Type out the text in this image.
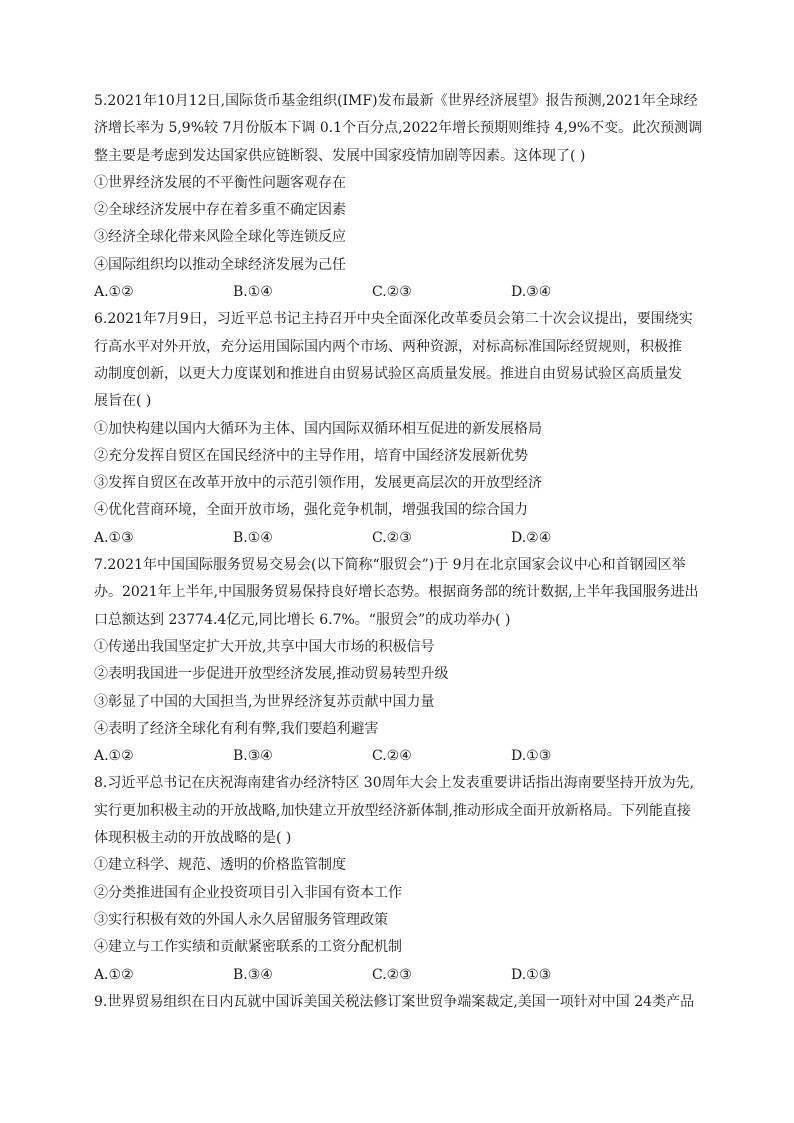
5.2021年10月12日,国际货币基金组织(IMF)发布最新《世界经济展望》报告预测,2021年全球经
济增长率为 5,9%较 7月份版本下调 0.1个百分点,2022年增长预期则维持 4,9%不变。此次预测调
整主要是考虑到发达国家供应链断裂、发展中国家疫情加剧等因素。这体现了( )
①世界经济发展的不平衡性问题客观存在
②全球经济发展中存在着多重不确定因素
③经济全球化带来风险全球化等连锁反应
④国际组织均以推动全球经济发展为己任
A.①②	B.①④	C.②③	D.③④
6.2021年7月9日，习近平总书记主持召开中央全面深化改革委员会第二十次会议提出，要围绕实
行高水平对外开放，充分运用国际国内两个市场、两种资源，对标高标准国际经贸规则，积极推
动制度创新，以更大力度谋划和推进自由贸易试验区高质量发展。推进自由贸易试验区高质量发
展旨在( )
①加快构建以国内大循环为主体、国内国际双循环相互促进的新发展格局
②充分发挥自贸区在国民经济中的主导作用，培育中国经济发展新优势
③发挥自贸区在改革开放中的示范引领作用，发展更高层次的开放型经济
④优化营商环境，全面开放市场，强化竞争机制，增强我国的综合国力
A.①③	B.①④	C.②③	D.②④
7.2021年中国国际服务贸易交易会(以下简称“服贸会”)于 9月在北京国家会议中心和首钢园区举
办。2021年上半年,中国服务贸易保持良好增长态势。根据商务部的统计数据,上半年我国服务进出
口总额达到 23774.4亿元,同比增长 6.7%。“服贸会”的成功举办( )
①传递出我国坚定扩大开放,共享中国大市场的积极信号
②表明我国进一步促进开放型经济发展,推动贸易转型升级
③彰显了中国的大国担当,为世界经济复苏贡献中国力量
④表明了经济全球化有利有弊,我们要趋利避害
A.①②	B.③④	C.②④	D.①③
8.习近平总书记在庆祝海南建省办经济特区 30周年大会上发表重要讲话指出海南要坚持开放为先,
实行更加积极主动的开放战略,加快建立开放型经济新体制,推动形成全面开放新格局。下列能直接
体现积极主动的开放战略的是( )
①建立科学、规范、透明的价格监管制度
②分类推进国有企业投资项目引入非国有资本工作
③实行积极有效的外国人永久居留服务管理政策
④建立与工作实绩和贡献紧密联系的工资分配机制
A.①②	B.③④	C.②③	D.①③
9.世界贸易组织在日内瓦就中国诉美国关税法修订案世贸争端案裁定,美国一项针对中国 24类产品
